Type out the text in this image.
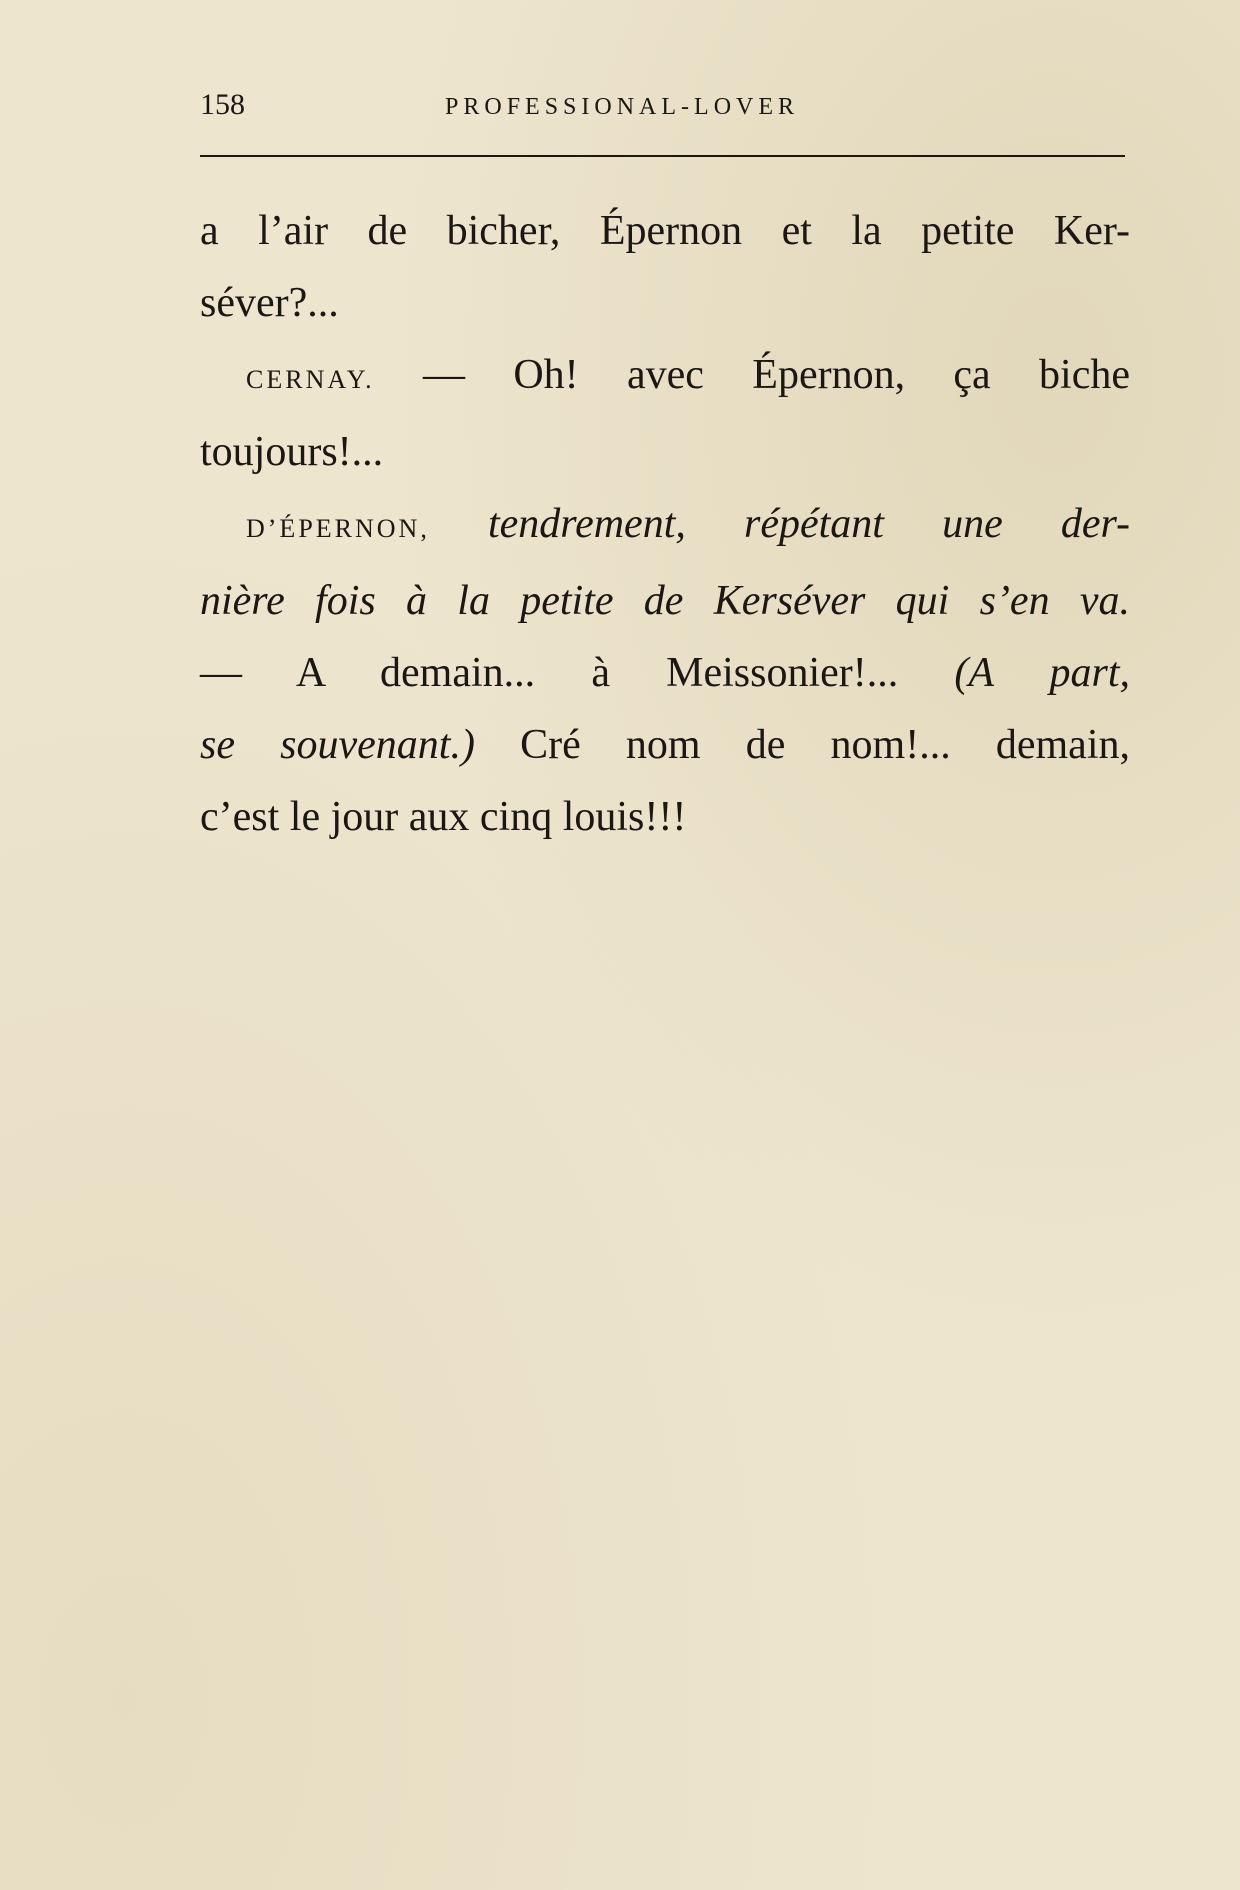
158	PROFESSIONAL-LOVER

a l’air de bicher, Épernon et la petite Ker-
séver?...

CERNAY. — Oh! avec Épernon, ça biche
toujours!...

D’ÉPERNON, tendrement, répétant une der-
nière fois à la petite de Kerséver qui s’en va.
— A demain... à Meissonier!... (A part,
se souvenant.) Cré nom de nom!... demain,
c’est le jour aux cinq louis!!!
